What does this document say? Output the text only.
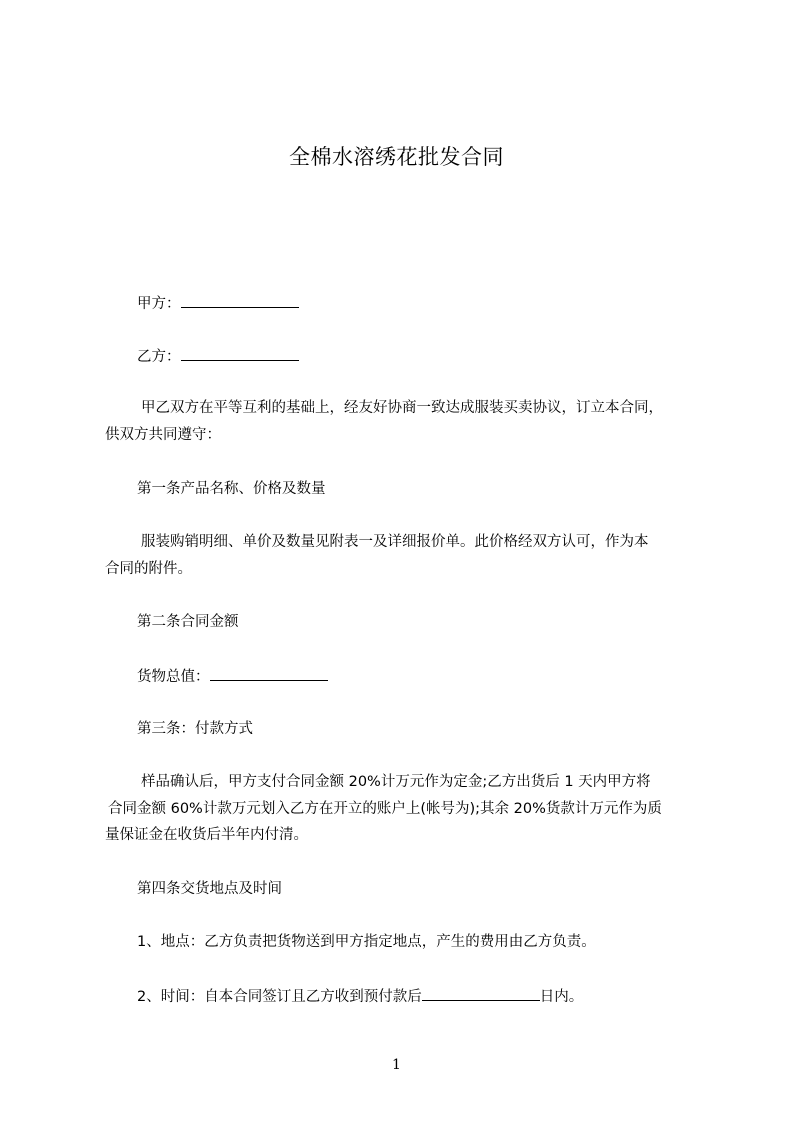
全棉水溶绣花批发合同
甲方：
乙方：
甲乙双方在平等互利的基础上，经友好协商一致达成服装买卖协议，订立本合同，
供双方共同遵守：
第一条产品名称、价格及数量
服装购销明细、单价及数量见附表一及详细报价单。此价格经双方认可，作为本
合同的附件。
第二条合同金额
货物总值：
第三条：付款方式
样品确认后，甲方支付合同金额 20%计万元作为定金;乙方出货后 1 天内甲方将
合同金额 60%计款万元划入乙方在开立的账户上(帐号为);其余 20%货款计万元作为质
量保证金在收货后半年内付清。
第四条交货地点及时间
1、地点：乙方负责把货物送到甲方指定地点，产生的费用由乙方负责。
2、时间：自本合同签订且乙方收到预付款后	日内。
1
